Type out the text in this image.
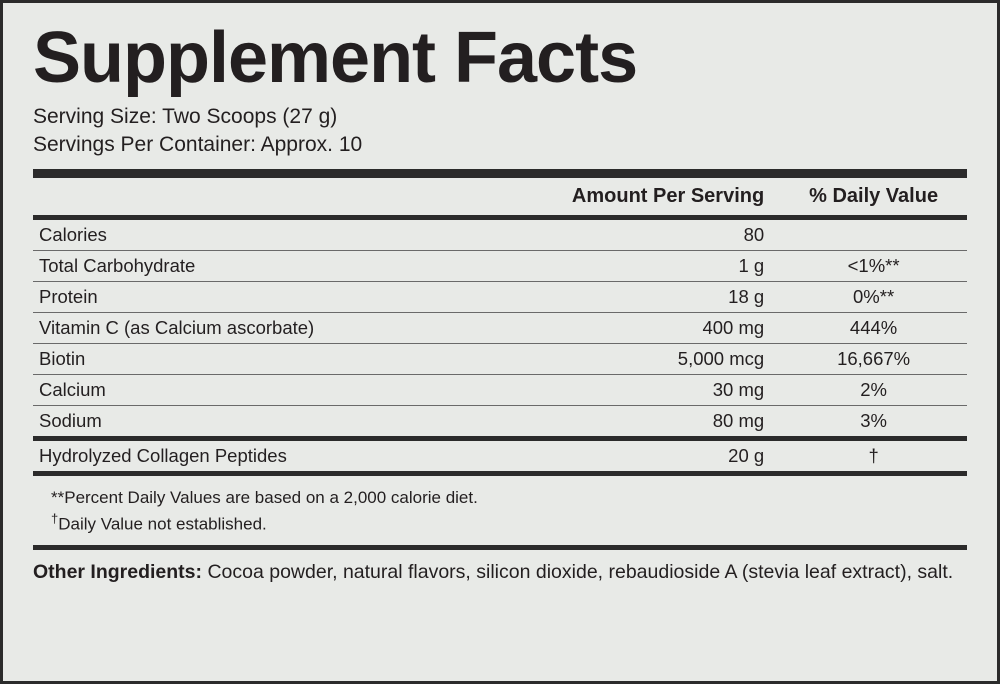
Supplement Facts
Serving Size: Two Scoops (27 g)
Servings Per Container: Approx. 10
	Amount Per Serving	% Daily Value
Calories	80	
Total Carbohydrate	1 g	<1%**
Protein	18 g	0%**
Vitamin C (as Calcium ascorbate)	400 mg	444%
Biotin	5,000 mcg	16,667%
Calcium	30 mg	2%
Sodium	80 mg	3%
Hydrolyzed Collagen Peptides	20 g	†
**Percent Daily Values are based on a 2,000 calorie diet.
†Daily Value not established.
Other Ingredients: Cocoa powder, natural flavors, silicon dioxide, rebaudioside A (stevia leaf extract), salt.
